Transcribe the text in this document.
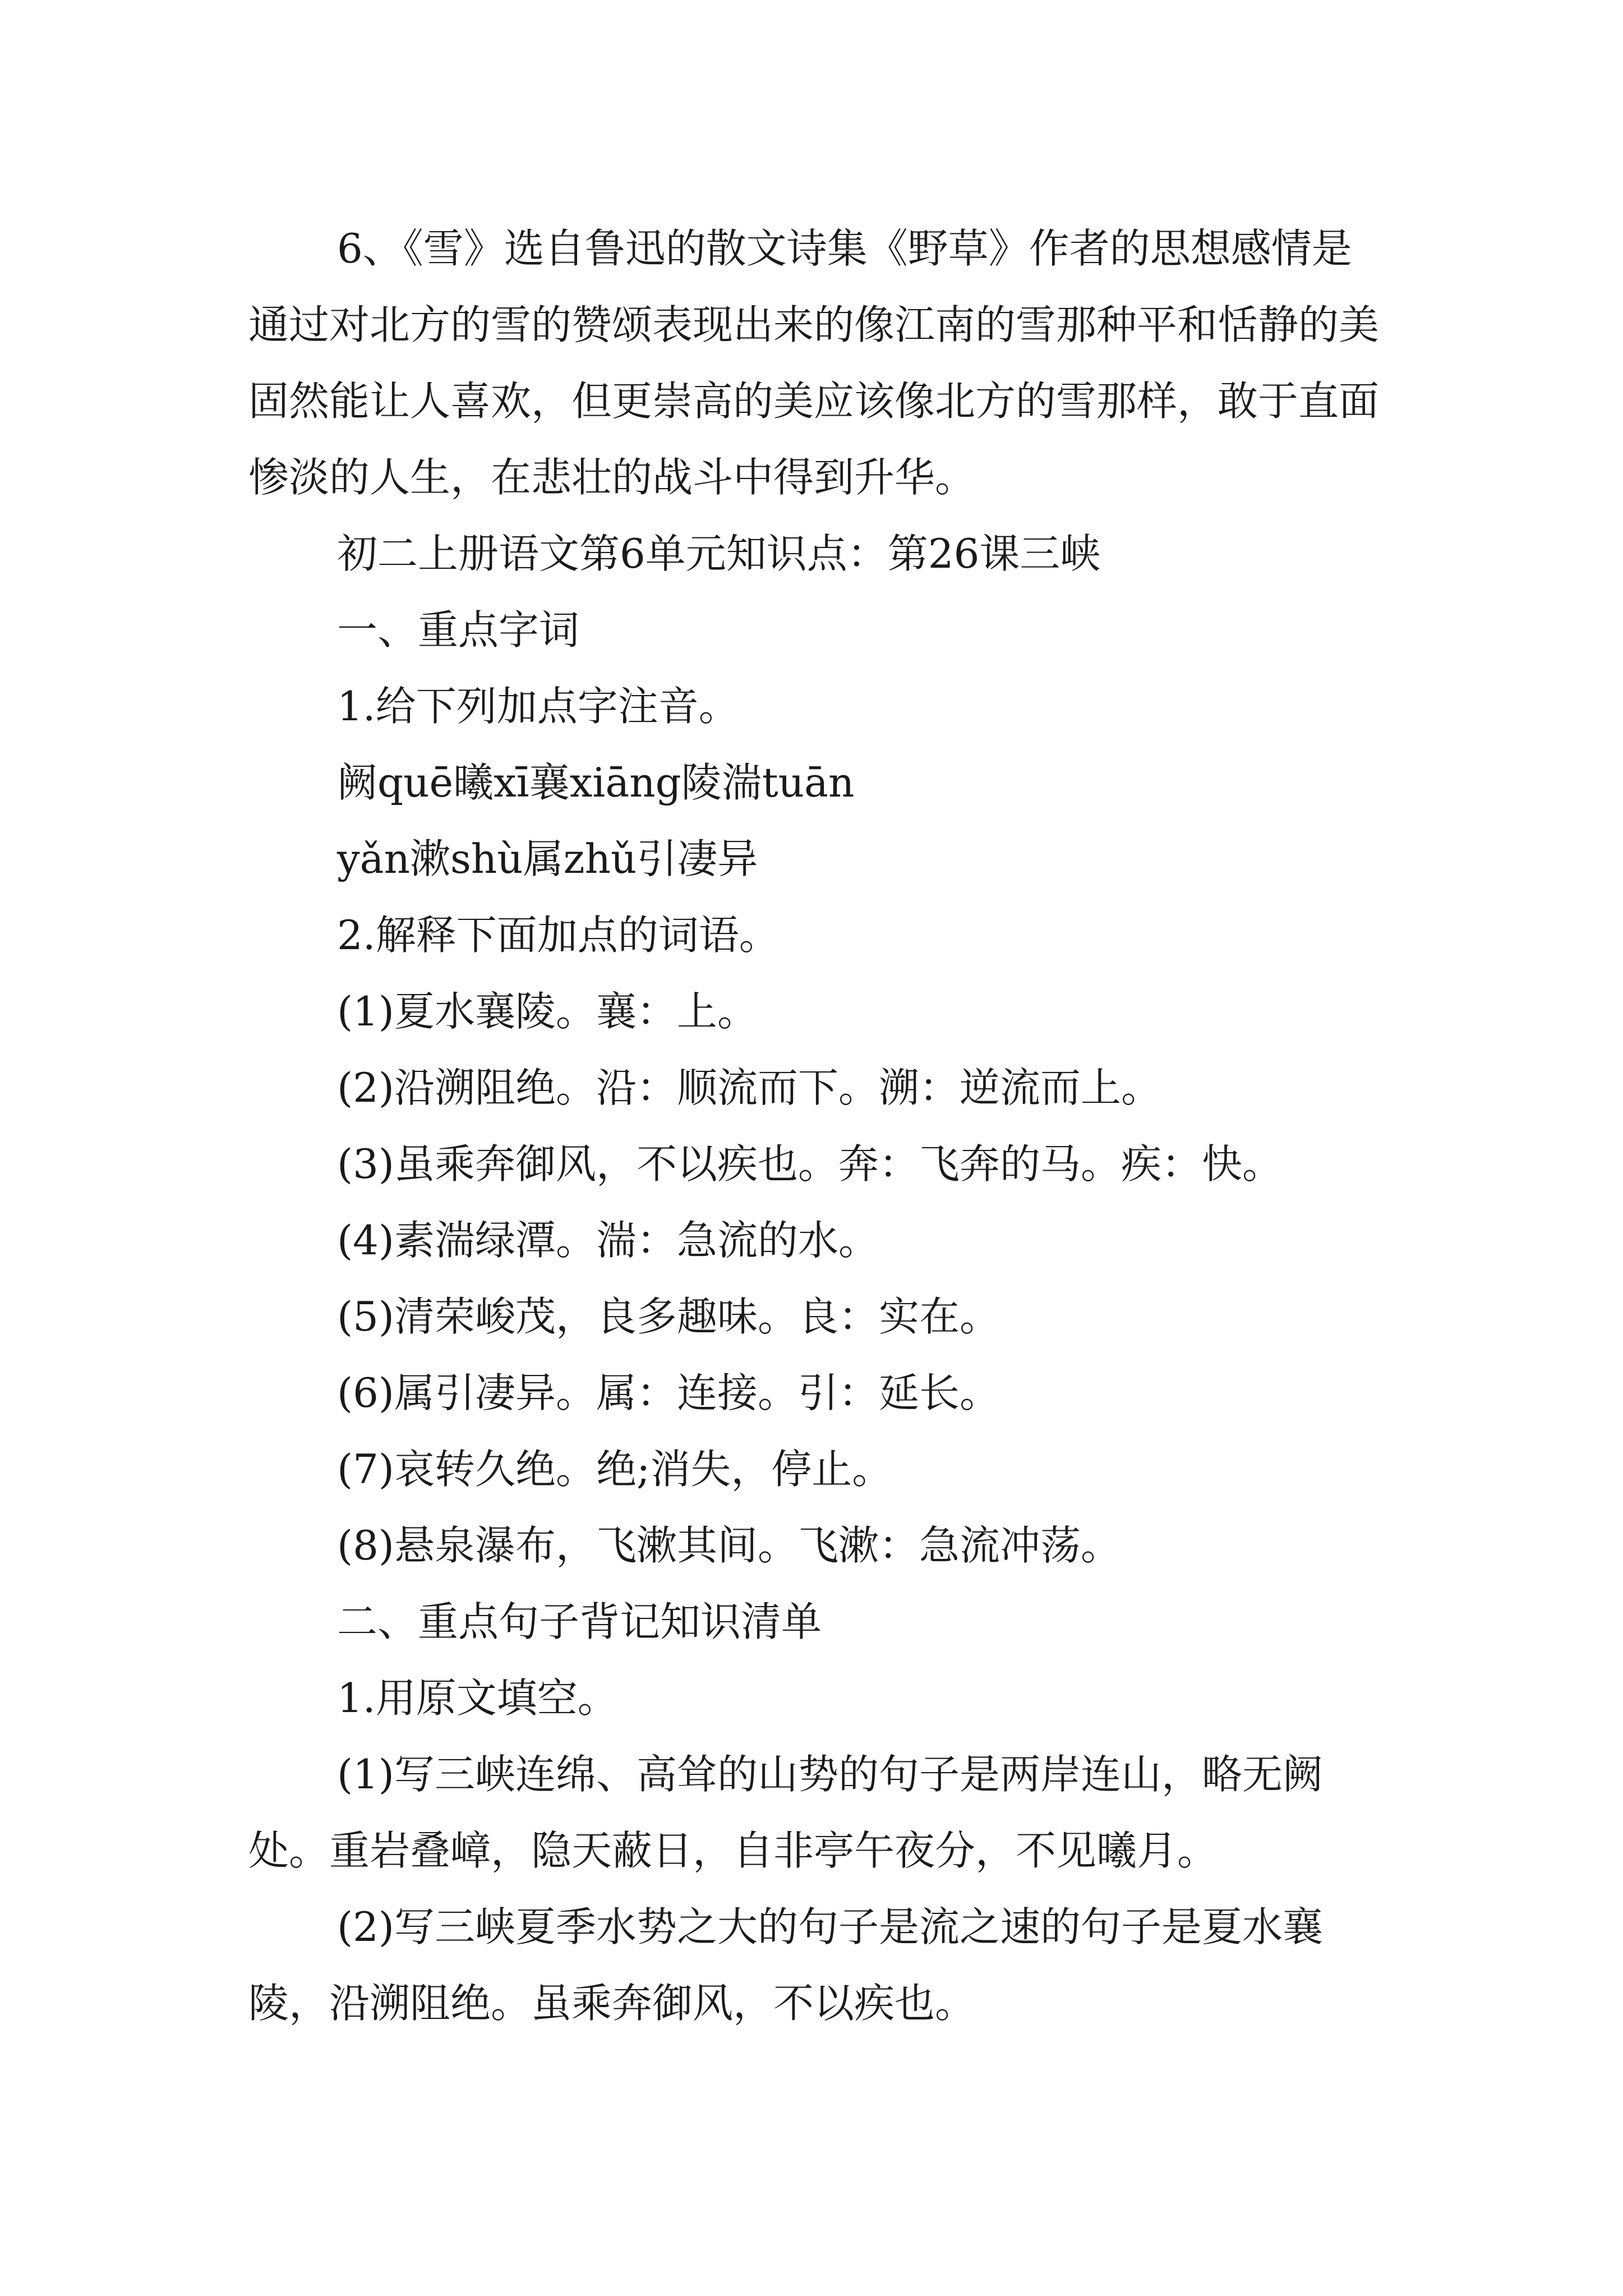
6、《雪》选自鲁迅的散文诗集《野草》作者的思想感情是通过对北方的雪的赞颂表现出来的像江南的雪那种平和恬静的美固然能让人喜欢，但更崇高的美应该像北方的雪那样，敢于直面惨淡的人生，在悲壮的战斗中得到升华。

初二上册语文第6单元知识点：第26课三峡

一、重点字词

1.给下列加点字注音。

阙quē曦xī襄xiāng陵湍tuān

yǎn漱shù属zhǔ引凄异

2.解释下面加点的词语。

(1)夏水襄陵。襄：上。

(2)沿溯阻绝。沿：顺流而下。溯：逆流而上。

(3)虽乘奔御风，不以疾也。奔：飞奔的马。疾：快。

(4)素湍绿潭。湍：急流的水。

(5)清荣峻茂，良多趣味。良：实在。

(6)属引凄异。属：连接。引：延长。

(7)哀转久绝。绝;消失，停止。

(8)悬泉瀑布，飞漱其间。飞漱：急流冲荡。

二、重点句子背记知识清单

1.用原文填空。

(1)写三峡连绵、高耸的山势的句子是两岸连山，略无阙处。重岩叠嶂，隐天蔽日，自非亭午夜分，不见曦月。

(2)写三峡夏季水势之大的句子是流之速的句子是夏水襄陵，沿溯阻绝。虽乘奔御风，不以疾也。
